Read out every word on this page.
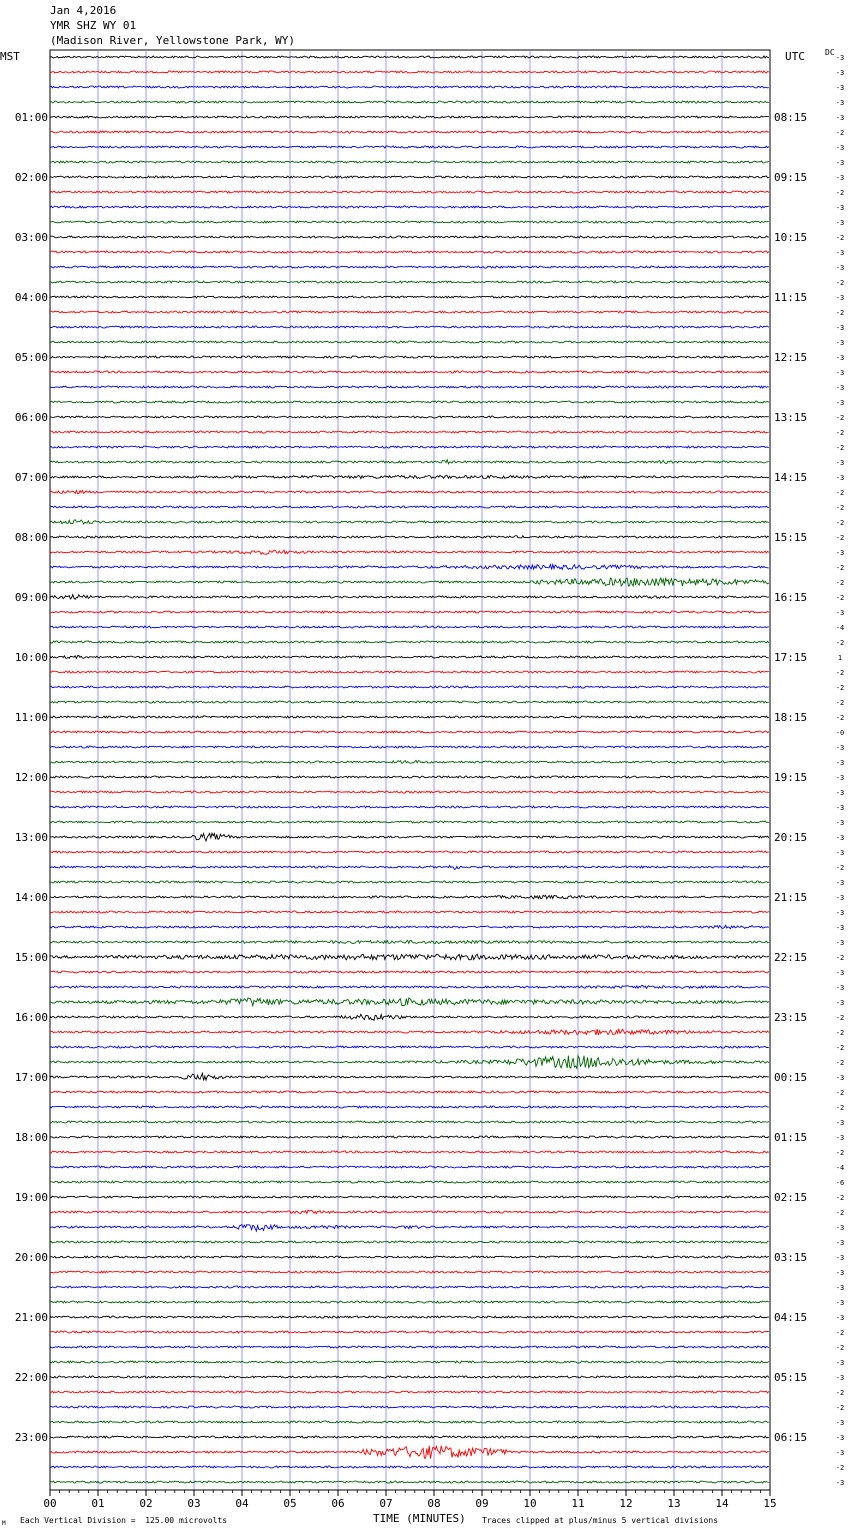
Jan 4,2016
YMR SHZ WY 01
(Madison River, Yellowstone Park, WY)
MST	UTC	DC
-3
-3
-3
-3
-3
-2
-3
-3
-3
-2
-3
-3
-2
-3
-3
-2
-3
-2
-3
-3
-3
-3
-3
-3
-2
-2
-2
-3
-3
-2
-2
-2
-2
-3
-2
-2
-2
-3
-4
-2
1
-2
-2
-2
-2
-0
-3
-3
-3
-3
-3
-3
-3
-3
-2
-3
-3
-3
-3
-3
-2
-3
-3
-3
-2
-2
-2
-2
-3
-2
-2
-3
-3
-2
-4
-6
-2
-2
-3
-3
-3
-3
-3
-3
-3
-2
-2
-3
-3
-2
-2
-3
-3
-3
-2
-3
01:00
02:00
03:00
04:00
05:00
06:00
07:00
08:00
09:00
10:00
11:00
12:00
13:00
14:00
15:00
16:00
17:00
18:00
19:00
20:00
21:00
22:00
23:00
08:15
09:15
10:15
11:15
12:15
13:15
14:15
15:15
16:15
17:15
18:15
19:15
20:15
21:15
22:15
23:15
00:15
01:15
02:15
03:15
04:15
05:15
06:15
00	01	02	03	04	05	06	07	08	09	10	11	12	13	14	15
Each Vertical Division =  125.00 microvolts	TIME (MINUTES) Traces clipped at plus/minus 5 vertical divisions
M
